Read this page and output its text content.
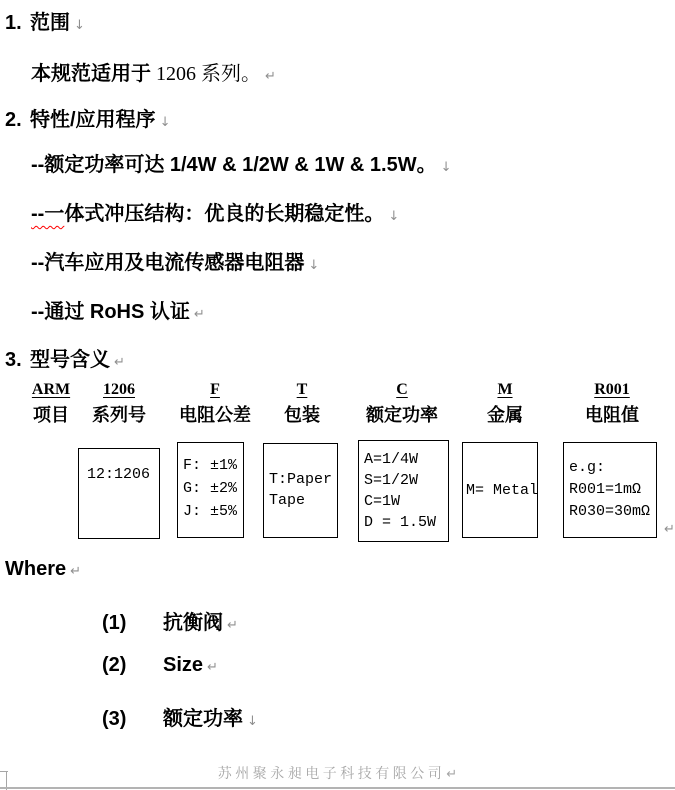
1. 范围 ↓
本规范适用于 1206 系列。 ↵
2. 特性/应用程序 ↓
--额定功率可达 1/4W & 1/2W & 1W & 1.5W。 ↓
--一体式冲压结构：优良的长期稳定性。 ↓
--汽车应用及电流传感器电阻器 ↓
--通过 RoHS 认证 ↵
3. 型号含义 ↵
ARM
项目
1206
系列号
F
电阻公差
T
包装
C
额定功率
M
金属
R001
电阻值
12:1206
F: ±1%
G: ±2%
J: ±5%
T:Paper
Tape
A=1/4W
S=1/2W
C=1W
D = 1.5W
M= Metal
e.g:
R001=1mΩ
R030=30mΩ
↵
Where ↵
(1) 抗衡阀 ↵
(2) Size ↵
(3) 额定功率 ↓
苏州聚永昶电子科技有限公司↵
